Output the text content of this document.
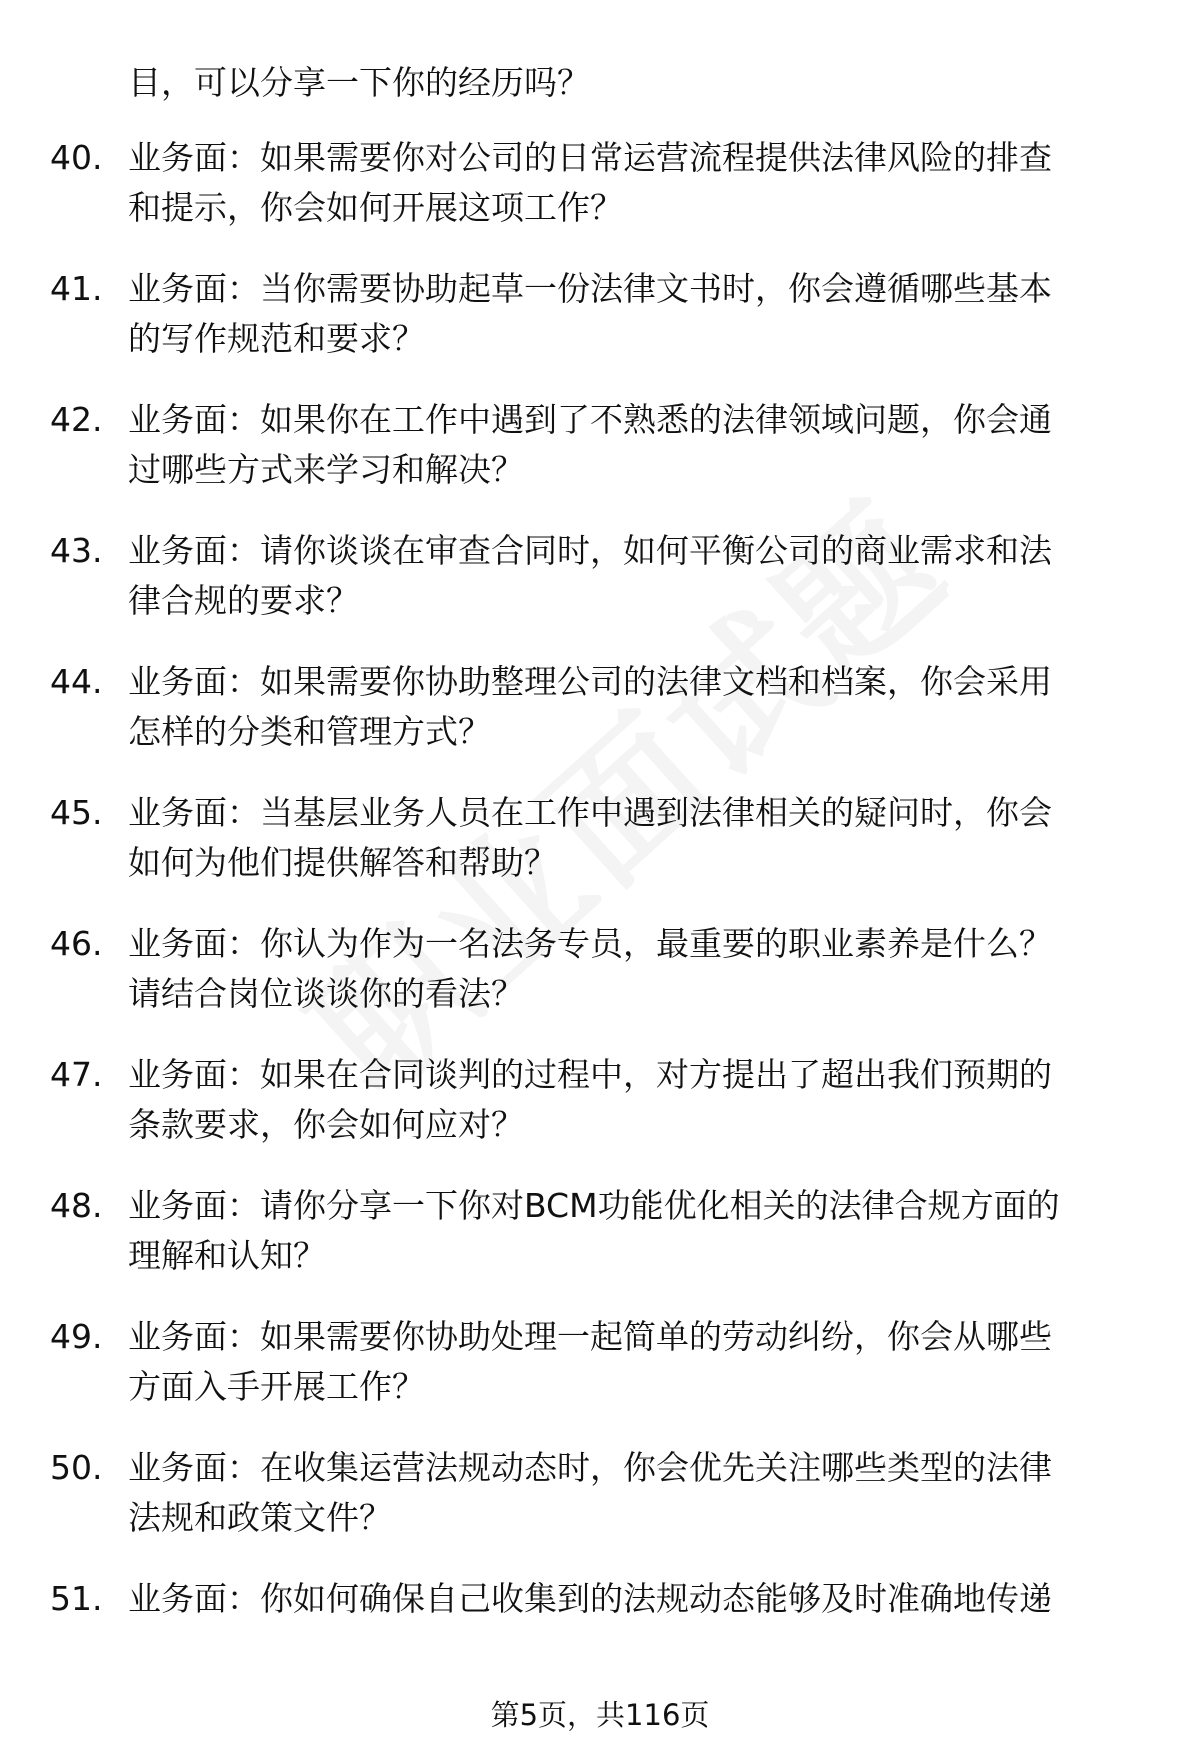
目，可以分享一下你的经历吗？
40. 业务面：如果需要你对公司的日常运营流程提供法律风险的排查
和提示，你会如何开展这项工作？
41. 业务面：当你需要协助起草一份法律文书时，你会遵循哪些基本
的写作规范和要求？
42. 业务面：如果你在工作中遇到了不熟悉的法律领域问题，你会通
过哪些方式来学习和解决？
43. 业务面：请你谈谈在审查合同时，如何平衡公司的商业需求和法
律合规的要求？
44. 业务面：如果需要你协助整理公司的法律文档和档案，你会采用
怎样的分类和管理方式？
45. 业务面：当基层业务人员在工作中遇到法律相关的疑问时，你会
如何为他们提供解答和帮助？
46. 业务面：你认为作为一名法务专员，最重要的职业素养是什么？
请结合岗位谈谈你的看法？
47. 业务面：如果在合同谈判的过程中，对方提出了超出我们预期的
条款要求，你会如何应对？
48. 业务面：请你分享一下你对BCM功能优化相关的法律合规方面的
理解和认知？
49. 业务面：如果需要你协助处理一起简单的劳动纠纷，你会从哪些
方面入手开展工作？
50. 业务面：在收集运营法规动态时，你会优先关注哪些类型的法律
法规和政策文件？
51. 业务面：你如何确保自己收集到的法规动态能够及时准确地传递
第5页，共116页
